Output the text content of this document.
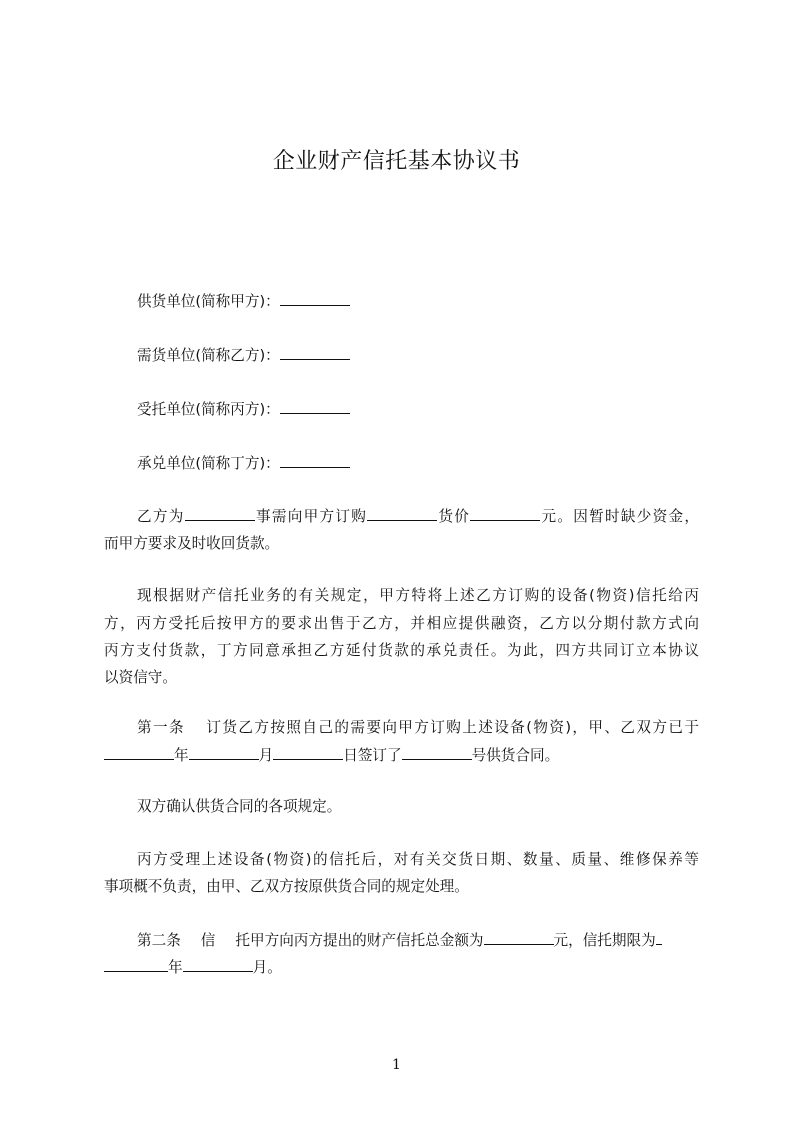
企业财产信托基本协议书
供货单位(简称甲方)：
需货单位(简称乙方)：
受托单位(简称丙方)：
承兑单位(简称丁方)：
乙方为	事需向甲方订购	货价	元。因暂时缺少资金，
而甲方要求及时收回货款。
现根据财产信托业务的有关规定，甲方特将上述乙方订购的设备(物资)信托给丙
方，丙方受托后按甲方的要求出售于乙方，并相应提供融资，乙方以分期付款方式向
丙方支付货款，丁方同意承担乙方延付货款的承兑责任。为此，四方共同订立本协议
以资信守。
第一条 订货乙方按照自己的需要向甲方订购上述设备(物资)，甲、乙双方已于
年	月	日签订了	号供货合同。
双方确认供货合同的各项规定。
丙方受理上述设备(物资)的信托后，对有关交货日期、数量、质量、维修保养等
事项概不负责，由甲、乙双方按原供货合同的规定处理。
第二条 信 托甲方向丙方提出的财产信托总金额为	元，信托期限为
年	月。
1
